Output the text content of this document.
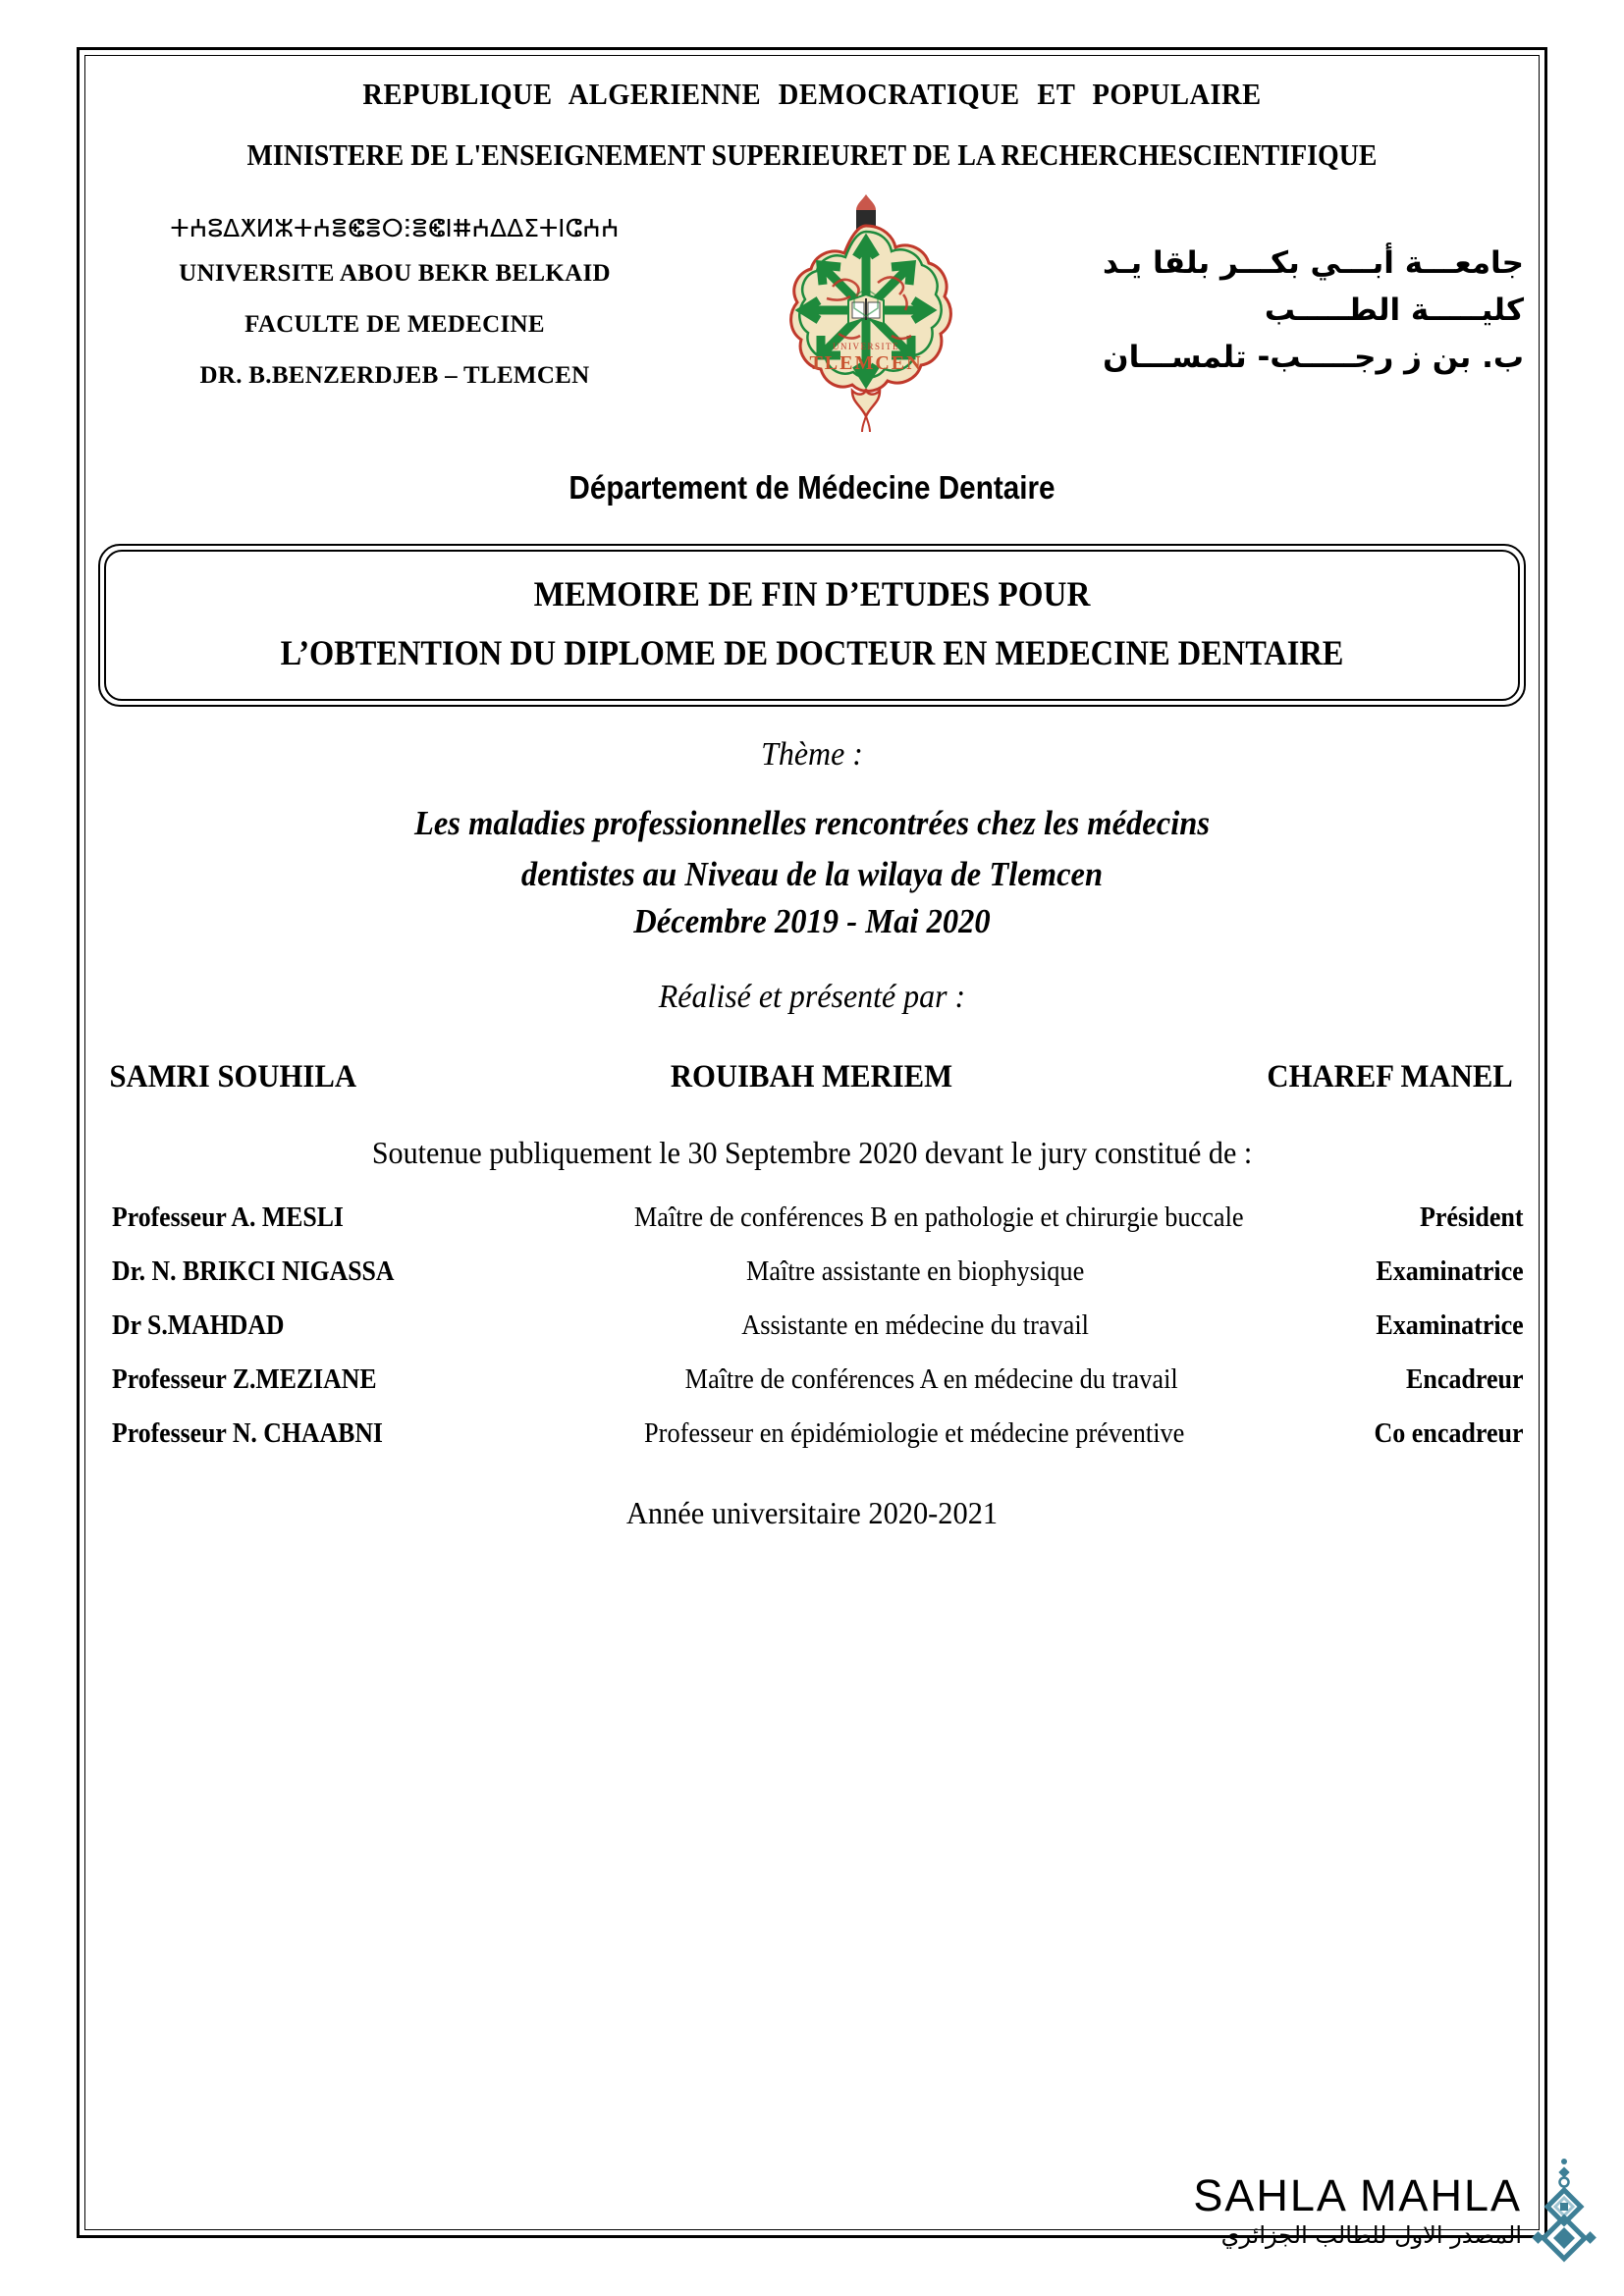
REPUBLIQUE ALGERIENNE DEMOCRATIQUE ET POPULAIRE
MINISTERE DE L'ENSEIGNEMENT SUPERIEURET DE LA RECHERCHESCIENTIFIQUE
ⵜⵄⵓⵠⵅⵍⵣⵜⵄⴻⵞⴻⵔⵗⴻⵞⵏⵌⵄⵠⵠⵉⵜⵏⵛⵄⵄ
UNIVERSITE ABOU BEKR BELKAID
FACULTE DE MEDECINE
DR. B.BENZERDJEB – TLEMCEN
UNIVERSITE
TLEMCEN
جامعـــة أبـــي بكـــر بلقا يـد
كليـــــة الطـــــب
ب. بن ز رجـــــب- تلمســـان
Département de Médecine Dentaire
MEMOIRE DE FIN D’ETUDES POUR
L’OBTENTION DU DIPLOME DE DOCTEUR EN MEDECINE DENTAIRE
Thème :
Les maladies professionnelles rencontrées chez les médecins
dentistes au Niveau de la wilaya de Tlemcen
Décembre 2019 - Mai 2020
Réalisé et présenté par :
SAMRI SOUHILA	ROUIBAH MERIEM	CHAREF MANEL
Soutenue publiquement le 30 Septembre 2020 devant le jury constitué de :
Professeur A. MESLI	Maître de conférences B en pathologie et chirurgie buccale	Président
Dr. N. BRIKCI NIGASSA	Maître assistante en biophysique	Examinatrice
Dr S.MAHDAD	Assistante en médecine du travail	Examinatrice
Professeur Z.MEZIANE	Maître de conférences A en médecine du travail	Encadreur
Professeur N. CHAABNI	Professeur en épidémiologie et médecine préventive	Co encadreur
Année universitaire 2020-2021
SAHLA MAHLA
المصدر الاول للطالب الجزائري
